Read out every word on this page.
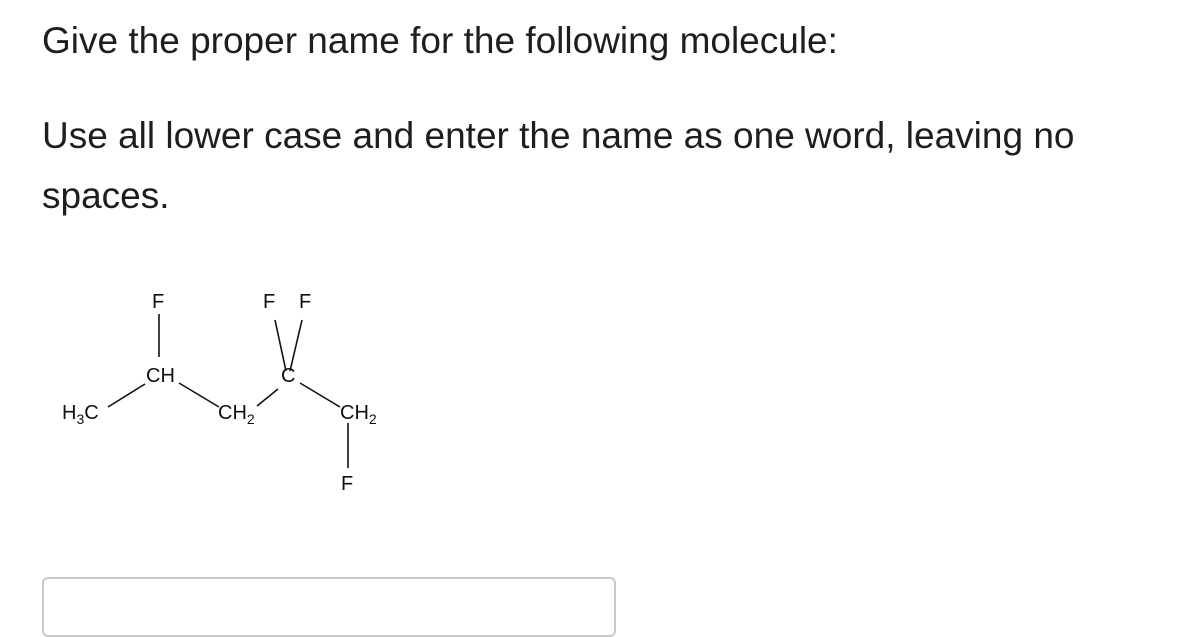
Give the proper name for the following molecule:

Use all lower case and enter the name as one word, leaving no spaces.

$H_3C$
CH
F
$CH_2$
C
F F
$CH_2$
F
